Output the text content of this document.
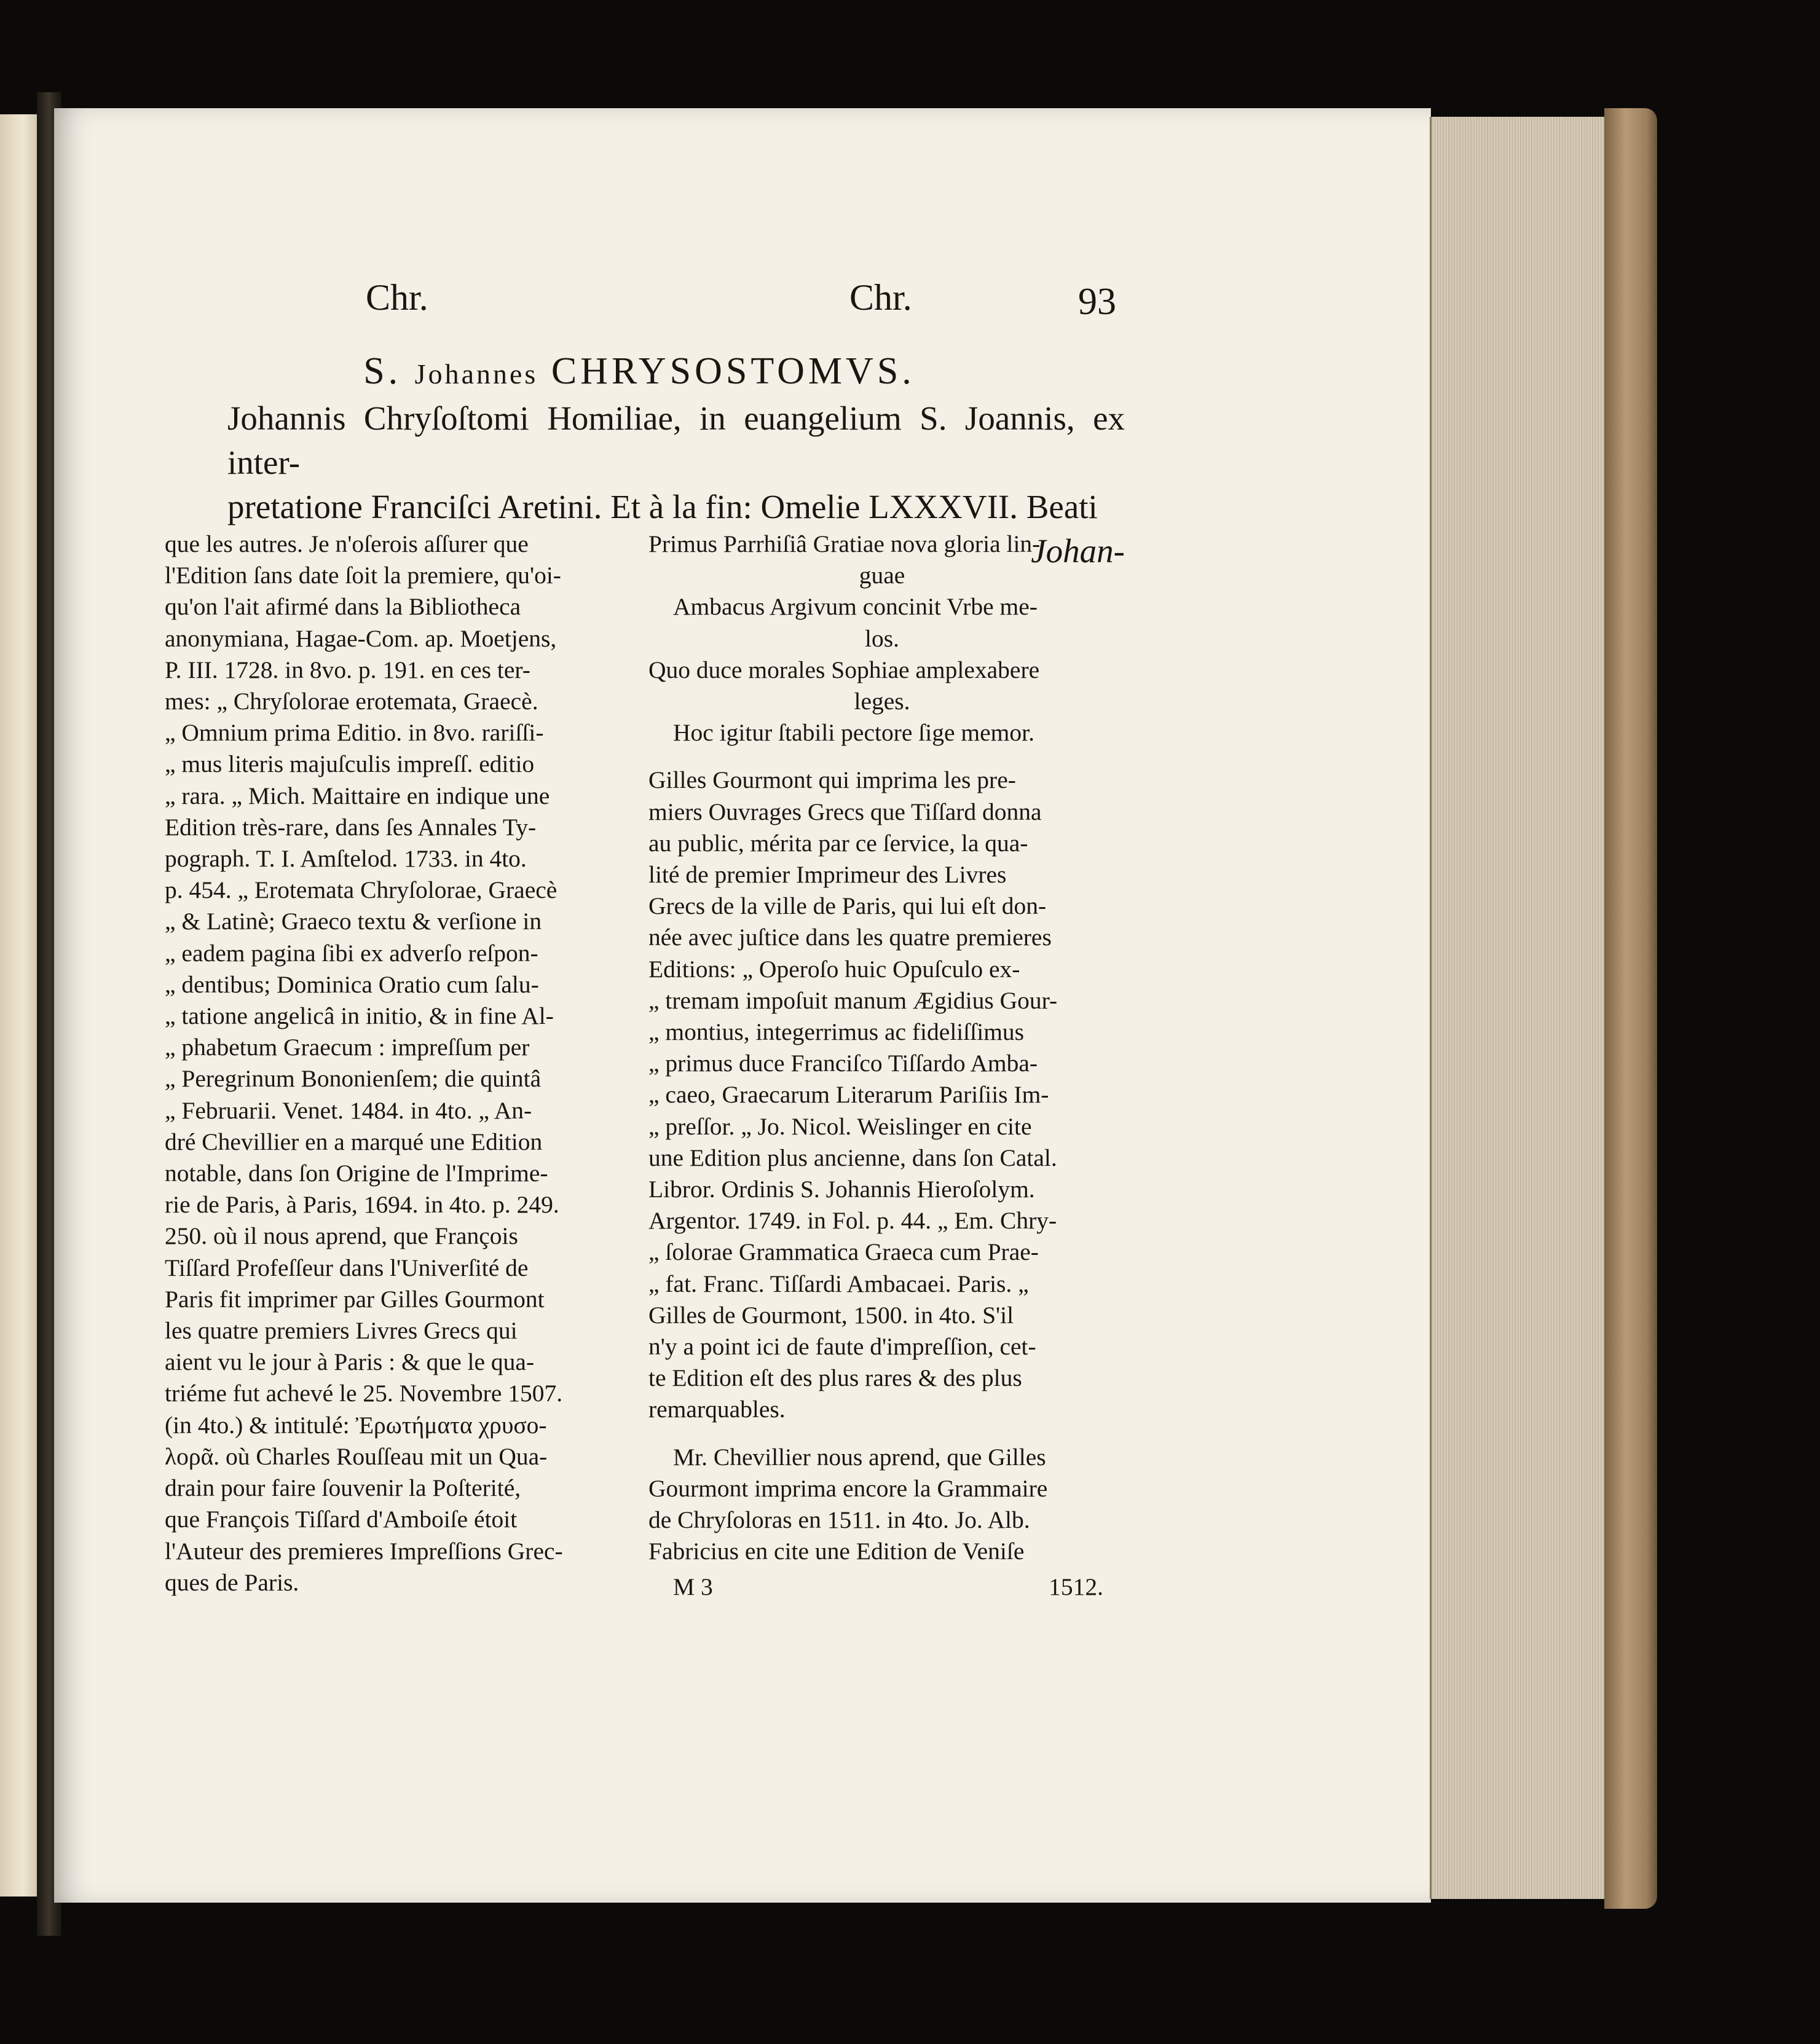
Chr.	Chr.	93
S. Johannes CHRYSOSTOMVS.
Johannis Chryſoſtomi Homiliae, in euangelium S. Joannis, ex inter-
pretatione Franciſci Aretini. Et à la fin: Omelie LXXXVII. Beati
Johan-

que les autres. Je n'oſerois aſſurer que

l'Edition ſans date ſoit la premiere, qu'oi-

qu'on l'ait afirmé dans la Bibliotheca

anonymiana, Hagae-Com. ap. Moetjens,

P. III. 1728. in 8vo. p. 191. en ces ter-

mes: „ Chryſolorae erotemata, Graecè.

„ Omnium prima Editio. in 8vo. rariſſi-

„ mus literis majuſculis impreſſ. editio

„ rara. „ Mich. Maittaire en indique une

Edition très-rare, dans ſes Annales Ty-

pograph. T. I. Amſtelod. 1733. in 4to.

p. 454. „ Erotemata Chryſolorae, Graecè

„ & Latinè; Graeco textu & verſione in

„ eadem pagina ſibi ex adverſo reſpon-

„ dentibus; Dominica Oratio cum ſalu-

„ tatione angelicâ in initio, & in fine Al-

„ phabetum Graecum : impreſſum per

„ Peregrinum Bononienſem; die quintâ

„ Februarii. Venet. 1484. in 4to. „ An-

dré Chevillier en a marqué une Edition

notable, dans ſon Origine de l'Imprime-

rie de Paris, à Paris, 1694. in 4to. p. 249.

250. où il nous aprend, que François

Tiſſard Profeſſeur dans l'Univerſité de

Paris fit imprimer par Gilles Gourmont

les quatre premiers Livres Grecs qui

aient vu le jour à Paris : & que le qua-

triéme fut achevé le 25. Novembre 1507.

(in 4to.) & intitulé: Ἐρωτήματα χρυσο-

λορᾶ. où Charles Rouſſeau mit un Qua-

drain pour faire ſouvenir la Poſterité,

que François Tiſſard d'Amboiſe étoit

l'Auteur des premieres Impreſſions Grec-

ques de Paris.

Primus Parrhiſiâ Gratiae nova gloria lin-

guae

Ambacus Argivum concinit Vrbe me-

los.

Quo duce morales Sophiae amplexabere

leges.

Hoc igitur ſtabili pectore ſige memor.

Gilles Gourmont qui imprima les pre-

miers Ouvrages Grecs que Tiſſard donna

au public, mérita par ce ſervice, la qua-

lité de premier Imprimeur des Livres

Grecs de la ville de Paris, qui lui eſt don-

née avec juſtice dans les quatre premieres

Editions: „ Operoſo huic Opuſculo ex-

„ tremam impoſuit manum Ægidius Gour-

„ montius, integerrimus ac fideliſſimus

„ primus duce Franciſco Tiſſardo Amba-

„ caeo, Graecarum Literarum Pariſiis Im-

„ preſſor. „ Jo. Nicol. Weislinger en cite

une Edition plus ancienne, dans ſon Catal.

Libror. Ordinis S. Johannis Hieroſolym.

Argentor. 1749. in Fol. p. 44. „ Em. Chry-

„ ſolorae Grammatica Graeca cum Prae-

„ fat. Franc. Tiſſardi Ambacaei. Paris. „

Gilles de Gourmont, 1500. in 4to. S'il

n'y a point ici de faute d'impreſſion, cet-

te Edition eſt des plus rares & des plus

remarquables.

Mr. Chevillier nous aprend, que Gilles

Gourmont imprima encore la Grammaire

de Chryſoloras en 1511. in 4to. Jo. Alb.

Fabricius en cite une Edition de Veniſe

M 3	1512.
